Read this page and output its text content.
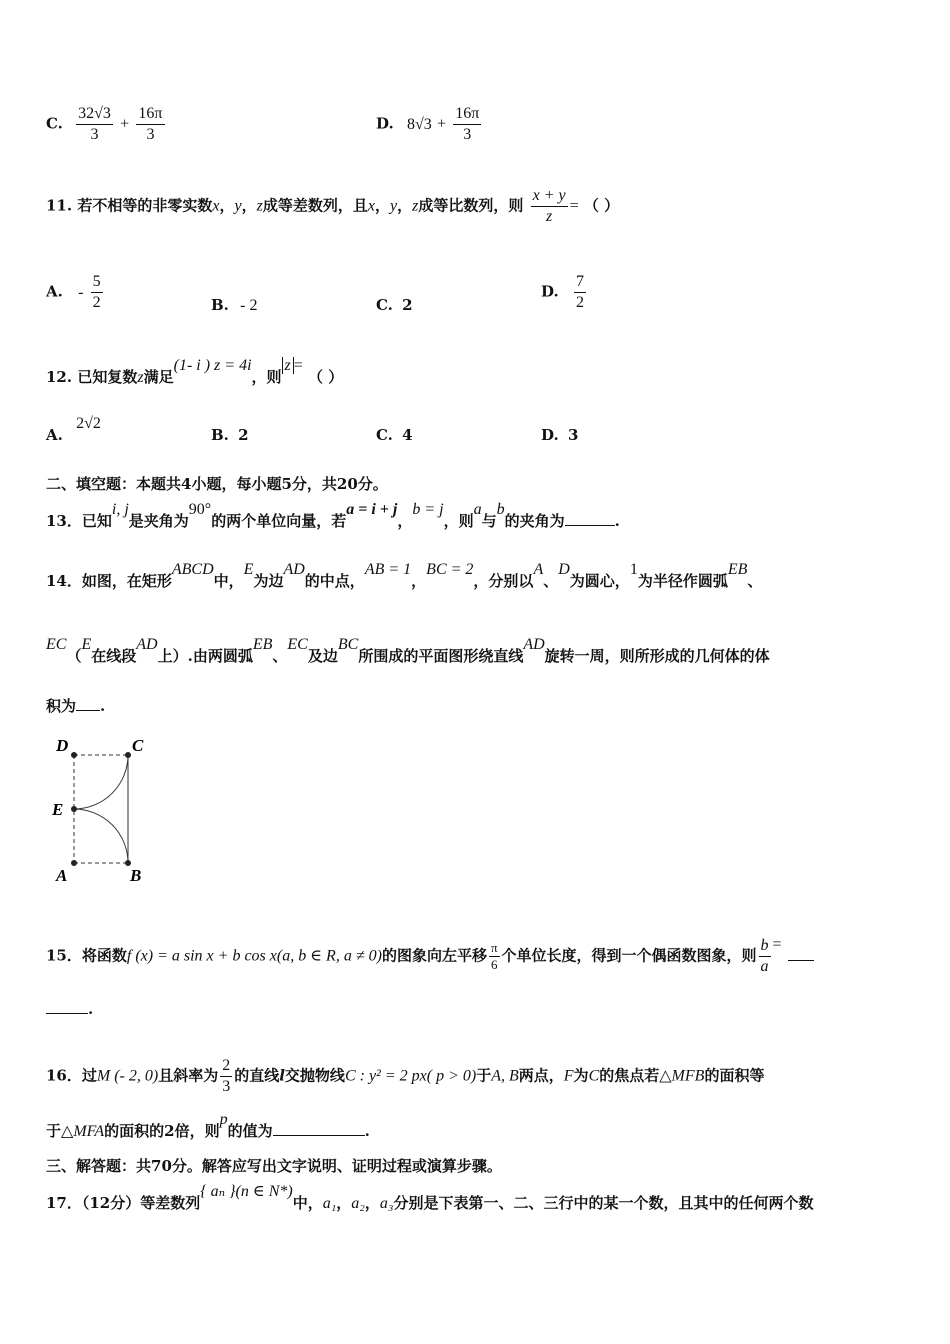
C. $\frac{32√3}{3} + \frac{16\pi}{3}$	D. $8√3 + \frac{16\pi}{3}$
11. 若不相等的非零实数x，y，z成等差数列，且x，y，z成等比数列，则 $\frac{x + y}{z}$ = （ ）
A. - $\frac{5}{2}$	B. - 2	C. 2
D. $\frac{7}{2}$
12. 已知复数z满足(1- i ) z = 4i，则z = （ ）
A. 2√2
B. 2	C. 4	D. 3
二、填空题：本题共4小题，每小题5分，共20分。
13．已知i, j是夹角为90°的两个单位向量，若a = i + j，b = j，则a与b的夹角为	.
14．如图，在矩形ABCD中，E为边AD的中点，AB = 1，BC = 2，分别以A、D为圆心，1为半径作圆弧EB、
EC（E在线段AD上）.由两圆弧EB、EC及边BC所围成的平面图形绕直线AD旋转一周，则所形成的几何体的体
积为 .
D	C
E
A	B
15．将函数f (x) = a sin x + b cos x(a, b ∈ R, a ≠ 0)的图象向左平移 $\frac{\pi}{6}$ 个单位长度，得到一个偶函数图象，则 $\frac{b}{a}$ =
.
16．过M (- 2, 0)且斜率为 $\frac{2}{3}$ 的直线l交抛物线C : y² = 2 px( p > 0)于A, B两点，F为C的焦点若△MFB的面积等
于△MFA的面积的2倍，则p的值为	.
三、解答题：共70分。解答应写出文字说明、证明过程或演算步骤。
17．（12分）等差数列{ aₙ }(n ∈ N*)中，a₁，a₂，a₃分别是下表第一、二、三行中的某一个数，且其中的任何两个数
